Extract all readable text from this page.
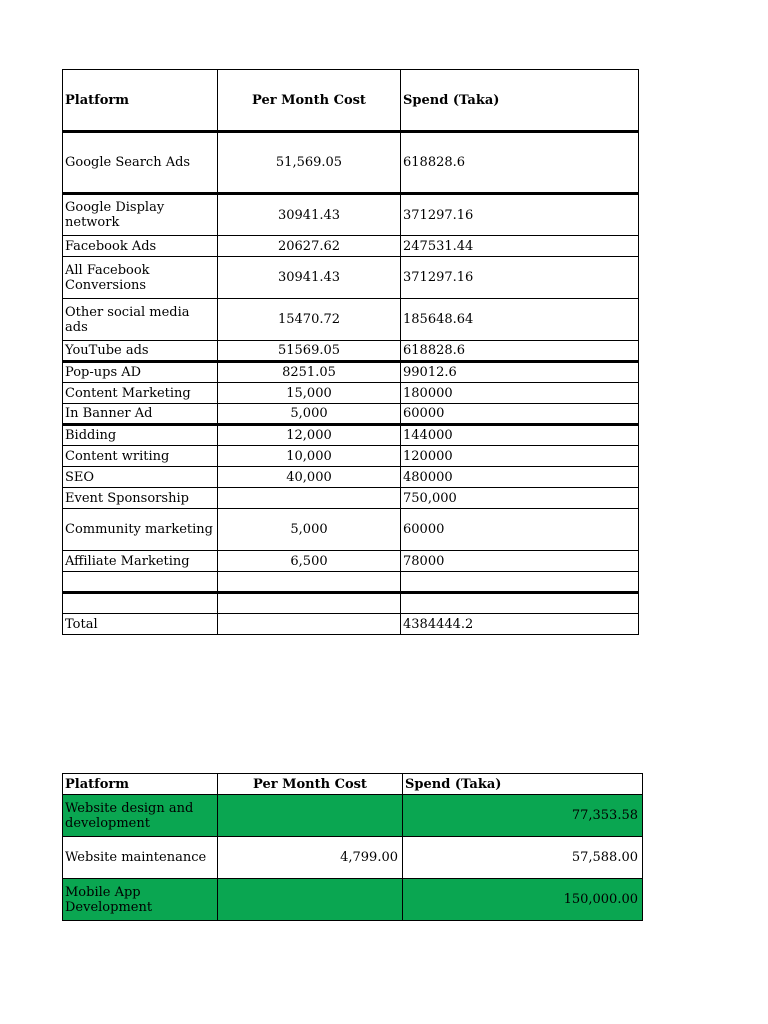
Platform	Per Month Cost	Spend (Taka)
Google Search Ads	51,569.05	618828.6
Google Display network	30941.43	371297.16
Facebook Ads	20627.62	247531.44
All Facebook Conversions	30941.43	371297.16
Other social media ads	15470.72	185648.64
YouTube ads	51569.05	618828.6
Pop-ups AD	8251.05	99012.6
Content Marketing	15,000	180000
In Banner Ad	5,000	60000
Bidding	12,000	144000
Content writing	10,000	120000
SEO	40,000	480000
Event Sponsorship		750,000
Community marketing	5,000	60000
Affiliate Marketing	6,500	78000

Total		4384444.2
Platform	Per Month Cost	Spend (Taka)
Website design and development		77,353.58
Website maintenance	4,799.00	57,588.00
Mobile App Development		150,000.00
